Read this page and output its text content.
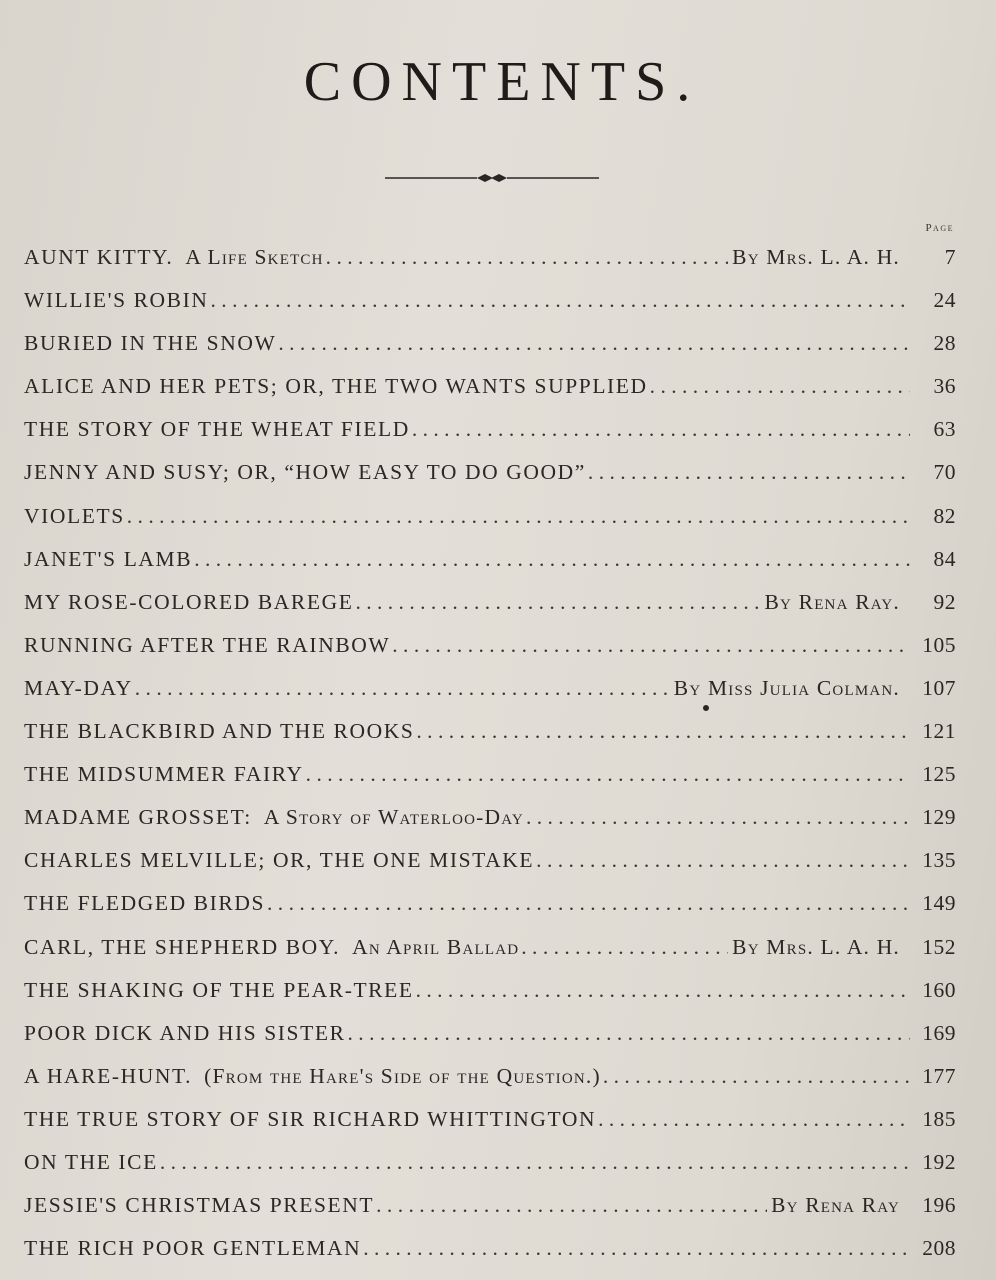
CONTENTS.
Page
AUNT KITTY. A Life Sketch .....	By Mrs. L. A. H.	7
WILLIE'S ROBIN .....	24
BURIED IN THE SNOW .....	28
ALICE AND HER PETS; OR, THE TWO WANTS SUPPLIED .....	36
THE STORY OF THE WHEAT FIELD .....	63
JENNY AND SUSY; OR, “HOW EASY TO DO GOOD” .....	70
VIOLETS .....	82
JANET'S LAMB .....	84
MY ROSE-COLORED BAREGE .....	By Rena Ray.	92
RUNNING AFTER THE RAINBOW .....	105
MAY-DAY .....	By Miss Julia Colman.	107
THE BLACKBIRD AND THE ROOKS .....	121
THE MIDSUMMER FAIRY .....	125
MADAME GROSSET: A Story of Waterloo-Day .....	129
CHARLES MELVILLE; OR, THE ONE MISTAKE .....	135
THE FLEDGED BIRDS .....	149
CARL, THE SHEPHERD BOY. An April Ballad .....	By Mrs. L. A. H.	152
THE SHAKING OF THE PEAR-TREE .....	160
POOR DICK AND HIS SISTER .....	169
A HARE-HUNT. (From the Hare's Side of the Question.) .....	177
THE TRUE STORY OF SIR RICHARD WHITTINGTON .....	185
ON THE ICE .....	192
JESSIE'S CHRISTMAS PRESENT .....	By Rena Ray	196
THE RICH POOR GENTLEMAN .....	208
